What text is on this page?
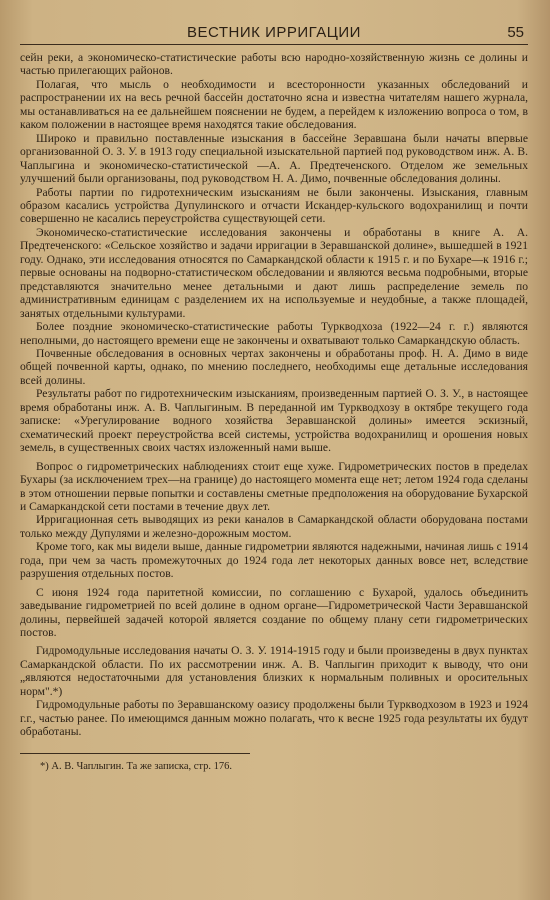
ВЕСТНИК ИРРИГАЦИИ	55

сейн реки, а экономическо-статистические работы всю народно-хозяйственную жизнь се долины и частью прилегающих районов.

Полагая, что мысль о необходимости и всесторонности указанных обследований и распространении их на весь речной бассейн достаточно ясна и известна читателям нашего журнала, мы останавливаться на ее дальнейшем пояснении не будем, а перейдем к изложению вопроса о том, в каком положении в настоящее время находятся такие обследования.

Широко и правильно поставленные изыскания в бассейне Зеравшана были начаты впервые организованной О. З. У. в 1913 году специальной изыскательной партией под руководством инж. А. В. Чаплыгина и экономическо-статистической —А. А. Предтеченского. Отделом же земельных улучшений были организованы, под руководством Н. А. Димо, почвенные обследования долины.

Работы партии по гидротехническим изысканиям не были закончены. Изыскания, главным образом касались устройства Дупулинского и отчасти Искандер-кульского водохранилищ и почти совершенно не касались переустройства существующей сети.

Экономическо-статистические исследования закончены и обработаны в книге А. А. Предтеченского: «Сельское хозяйство и задачи ирригации в Зеравшанской долине», вышедшей в 1921 году. Однако, эти исследования относятся по Самаркандской области к 1915 г. и по Бухаре—к 1916 г.; первые основаны на подворно-статистическом обследовании и являются весьма подробными, вторые представляются значительно менее детальными и дают лишь распределение земель по административным единицам с разделением их на используемые и неудобные, а также площадей, занятых отдельными культурами.

Более поздние экономическо-статистические работы Туркводхоза (1922—24 г. г.) являются неполными, до настоящего времени еще не закончены и охватывают только Самаркандскую область.

Почвенные обследования в основных чертах закончены и обработаны проф. Н. А. Димо в виде общей почвенной карты, однако, по мнению последнего, необходимы еще детальные исследования всей долины.

Результаты работ по гидротехническим изысканиям, произведенным партией О. З. У., в настоящее время обработаны инж. А. В. Чаплыгиным. В переданной им Туркводхозу в октябре текущего года записке: «Урегулирование водного хозяйства Зеравшанской долины» имеется эскизный, схематический проект переустройства всей системы, устройства водохранилищ и орошения новых земель, в существенных своих частях изложенный нами выше.

Вопрос о гидрометрических наблюдениях стоит еще хуже. Гидрометрических постов в пределах Бухары (за исключением трех—на границе) до настоящего момента еще нет; летом 1924 года сделаны в этом отношении первые попытки и составлены сметные предположения на оборудование Бухарской и Самаркандской сети постами в течение двух лет.

Ирригационная сеть выводящих из реки каналов в Самаркандской области оборудована постами только между Дупулями и железно-дорожным мостом.

Кроме того, как мы видели выше, данные гидрометрии являются надежными, начиная лишь с 1914 года, при чем за часть промежуточных до 1924 года лет некоторых данных вовсе нет, вследствие разрушения отдельных постов.

С июня 1924 года паритетной комиссии, по соглашению с Бухарой, удалось объединить заведывание гидрометрией по всей долине в одном органе—Гидрометрической Части Зеравшанской долины, первейшей задачей которой является создание по общему плану сети гидрометрических постов.

Гидромодульные исследования начаты О. З. У. 1914-1915 году и были произведены в двух пунктах Самаркандской области. По их рассмотрении инж. А. В. Чаплыгин приходит к выводу, что они „являются недостаточными для установления близких к нормальным поливных и оросительных норм".*)

Гидромодульные работы по Зеравшанскому оазису продолжены были Туркводхозом в 1923 и 1924 г.г., частью ранее. По имеющимся данным можно полагать, что к весне 1925 года результаты их будут обработаны.

*) А. В. Чаплыгин. Та же записка, стр. 176.
